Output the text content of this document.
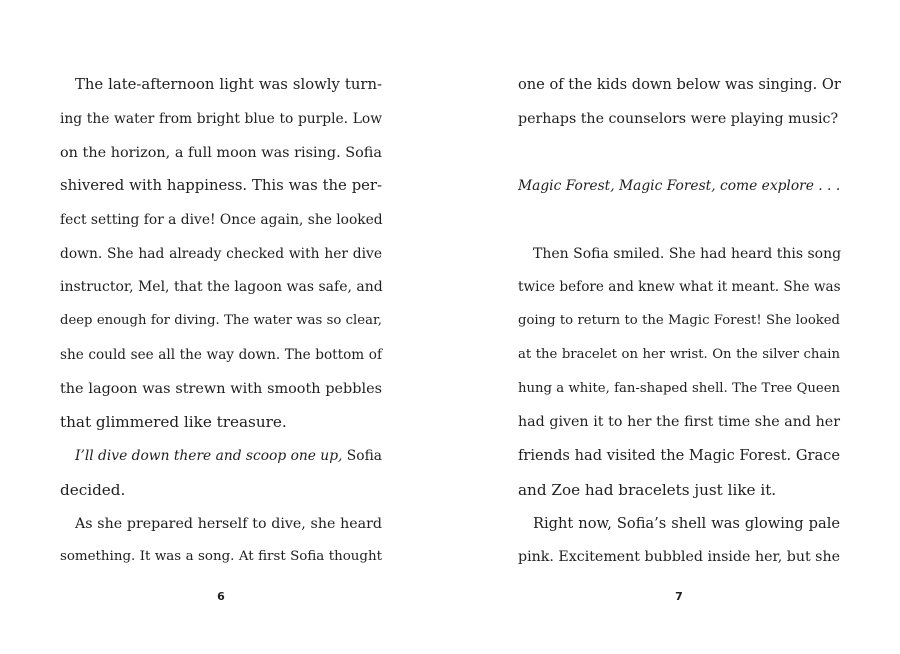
The late-afternoon light was slowly turn-
ing the water from bright blue to purple. Low
on the horizon, a full moon was rising. Sofia
shivered with happiness. This was the per-
fect setting for a dive! Once again, she looked
down. She had already checked with her dive
instructor, Mel, that the lagoon was safe, and
deep enough for diving. The water was so clear,
she could see all the way down. The bottom of
the lagoon was strewn with smooth pebbles
that glimmered like treasure.
I’ll dive down there and scoop one up, Sofia
decided.
As she prepared herself to dive, she heard
something. It was a song. At first Sofia thought
6
one of the kids down below was singing. Or
perhaps the counselors were playing music?
Magic Forest, Magic Forest, come explore . . .
Then Sofia smiled. She had heard this song
twice before and knew what it meant. She was
going to return to the Magic Forest! She looked
at the bracelet on her wrist. On the silver chain
hung a white, fan-shaped shell. The Tree Queen
had given it to her the first time she and her
friends had visited the Magic Forest. Grace
and Zoe had bracelets just like it.
Right now, Sofia’s shell was glowing pale
pink. Excitement bubbled inside her, but she
7
